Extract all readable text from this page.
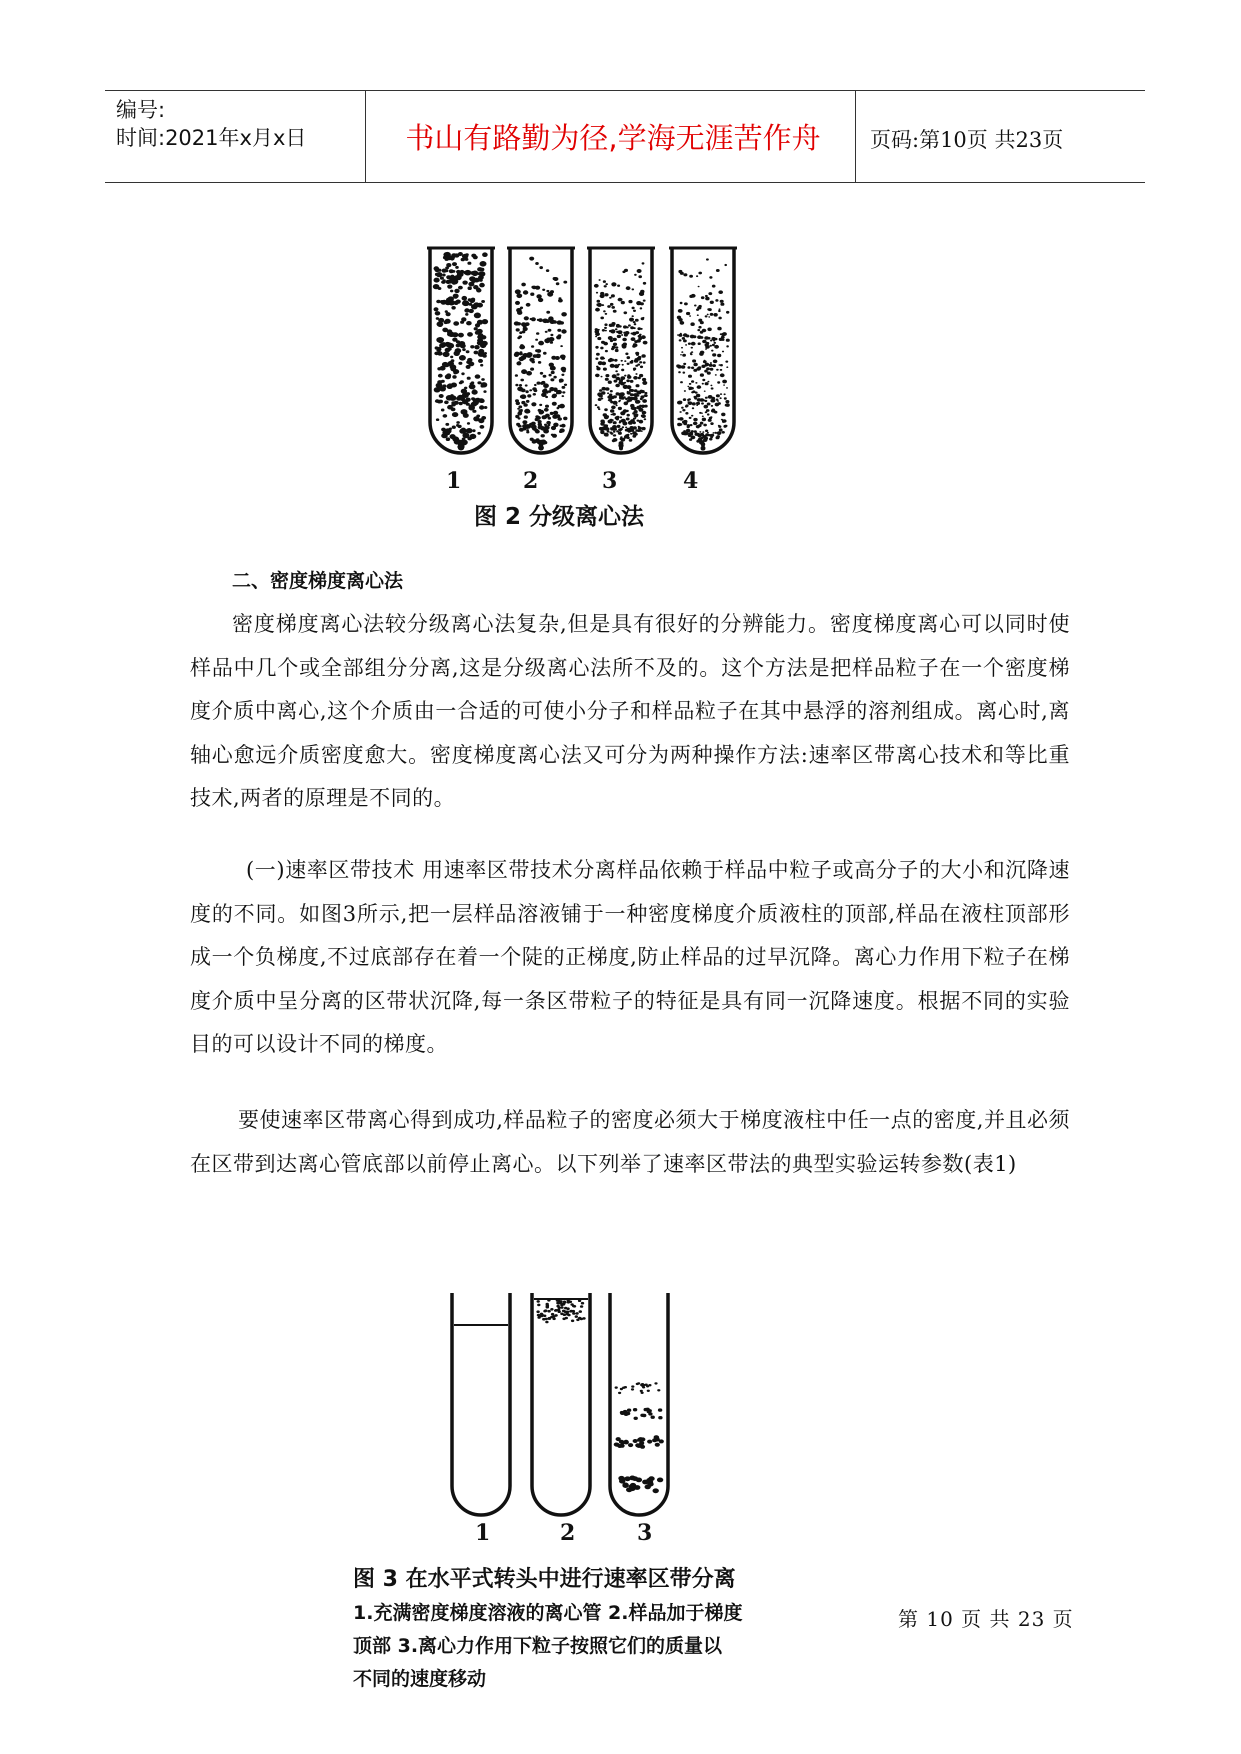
编号:
时间:2021年x月x日	书山有路勤为径,学海无涯苦作舟	页码:第10页 共23页
1	2	3	4
图 2 分级离心法
二、密度梯度离心法
密度梯度离心法较分级离心法复杂,但是具有很好的分辨能力。密度梯度离心可以同时使样品中几个或全部组分分离,这是分级离心法所不及的。这个方法是把样品粒子在一个密度梯度介质中离心,这个介质由一合适的可使小分子和样品粒子在其中悬浮的溶剂组成。离心时,离轴心愈远介质密度愈大。密度梯度离心法又可分为两种操作方法:速率区带离心技术和等比重技术,两者的原理是不同的。
(一)速率区带技术 用速率区带技术分离样品依赖于样品中粒子或高分子的大小和沉降速度的不同。如图3所示,把一层样品溶液铺于一种密度梯度介质液柱的顶部,样品在液柱顶部形成一个负梯度,不过底部存在着一个陡的正梯度,防止样品的过早沉降。离心力作用下粒子在梯度介质中呈分离的区带状沉降,每一条区带粒子的特征是具有同一沉降速度。根据不同的实验目的可以设计不同的梯度。
要使速率区带离心得到成功,样品粒子的密度必须大于梯度液柱中任一点的密度,并且必须在区带到达离心管底部以前停止离心。以下列举了速率区带法的典型实验运转参数(表1)
1	2	3
图 3 在水平式转头中进行速率区带分离
1.充满密度梯度溶液的离心管 2.样品加于梯度
顶部 3.离心力作用下粒子按照它们的质量以
不同的速度移动
第 10 页 共 23 页
